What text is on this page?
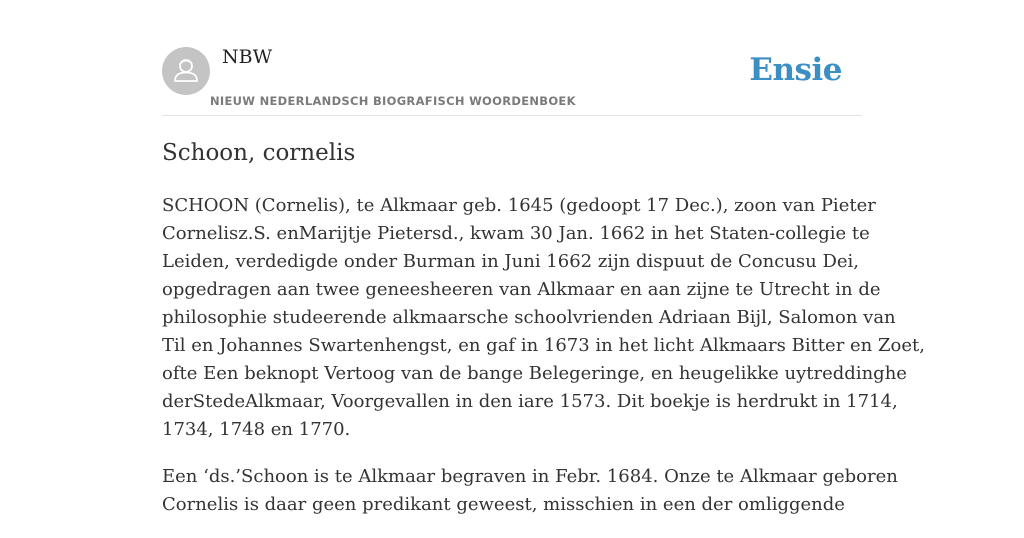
NBW
NIEUW NEDERLANDSCH BIOGRAFISCH WOORDENBOEK
Ensie
Schoon, cornelis

SCHOON (Cornelis), te Alkmaar geb. 1645 (gedoopt 17 Dec.), zoon van Pieter
Cornelisz.S. enMarijtje Pietersd., kwam 30 Jan. 1662 in het Staten-collegie te
Leiden, verdedigde onder Burman in Juni 1662 zijn dispuut de Concusu Dei,
opgedragen aan twee geneesheeren van Alkmaar en aan zijne te Utrecht in de
philosophie studeerende alkmaarsche schoolvrienden Adriaan Bijl, Salomon van
Til en Johannes Swartenhengst, en gaf in 1673 in het licht Alkmaars Bitter en Zoet,
ofte Een beknopt Vertoog van de bange Belegeringe, en heugelikke uytreddinghe
derStedeAlkmaar, Voorgevallen in den iare 1573. Dit boekje is herdrukt in 1714,
1734, 1748 en 1770.

Een ‘ds.’Schoon is te Alkmaar begraven in Febr. 1684. Onze te Alkmaar geboren
Cornelis is daar geen predikant geweest, misschien in een der omliggende
